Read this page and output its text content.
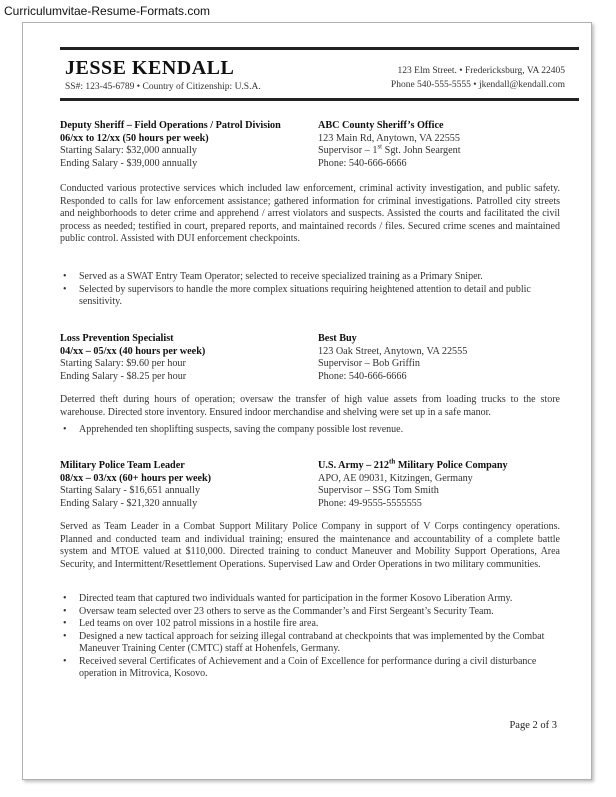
Curriculumvitae-Resume-Formats.com
JESSE KENDALL
SS#: 123-45-6789 • Country of Citizenship: U.S.A.
123 Elm Street. • Fredericksburg, VA 22405
Phone 540-555-5555 • jkendall@kendall.com
Deputy Sheriff – Field Operations / Patrol Division
06/xx to 12/xx (50 hours per week)
Starting Salary: $32,000 annually
Ending Salary - $39,000 annually
ABC County Sheriff’s Office
123 Main Rd, Anytown, VA 22555
Supervisor – 1st Sgt. John Seargent
Phone: 540-666-6666
Conducted various protective services which included law enforcement, criminal activity investigation, and public safety. Responded to calls for law enforcement assistance; gathered information for criminal investigations. Patrolled city streets and neighborhoods to deter crime and apprehend / arrest violators and suspects. Assisted the courts and facilitated the civil process as needed; testified in court, prepared reports, and maintained records / files. Secured crime scenes and maintained public control. Assisted with DUI enforcement checkpoints.
• Served as a SWAT Entry Team Operator; selected to receive specialized training as a Primary Sniper.
• Selected by supervisors to handle the more complex situations requiring heightened attention to detail and public sensitivity.
Loss Prevention Specialist
04/xx – 05/xx (40 hours per week)
Starting Salary: $9.60 per hour
Ending Salary - $8.25 per hour
Best Buy
123 Oak Street, Anytown, VA 22555
Supervisor – Bob Griffin
Phone: 540-666-6666
Deterred theft during hours of operation; oversaw the transfer of high value assets from loading trucks to the store warehouse. Directed store inventory. Ensured indoor merchandise and shelving were set up in a safe manor.
• Apprehended ten shoplifting suspects, saving the company possible lost revenue.
Military Police Team Leader
08/xx – 03/xx (60+ hours per week)
Starting Salary - $16,651 annually
Ending Salary - $21,320 annually
U.S. Army – 212th Military Police Company
APO, AE 09031, Kitzingen, Germany
Supervisor – SSG Tom Smith
Phone: 49-9555-5555555
Served as Team Leader in a Combat Support Military Police Company in support of V Corps contingency operations. Planned and conducted team and individual training; ensured the maintenance and accountability of a complete battle system and MTOE valued at $110,000. Directed training to conduct Maneuver and Mobility Support Operations, Area Security, and Intermittent/Resettlement Operations. Supervised Law and Order Operations in two military communities.
• Directed team that captured two individuals wanted for participation in the former Kosovo Liberation Army.
• Oversaw team selected over 23 others to serve as the Commander’s and First Sergeant’s Security Team.
• Led teams on over 102 patrol missions in a hostile fire area.
• Designed a new tactical approach for seizing illegal contraband at checkpoints that was implemented by the Combat Maneuver Training Center (CMTC) staff at Hohenfels, Germany.
• Received several Certificates of Achievement and a Coin of Excellence for performance during a civil disturbance operation in Mitrovica, Kosovo.
Page 2 of 3
